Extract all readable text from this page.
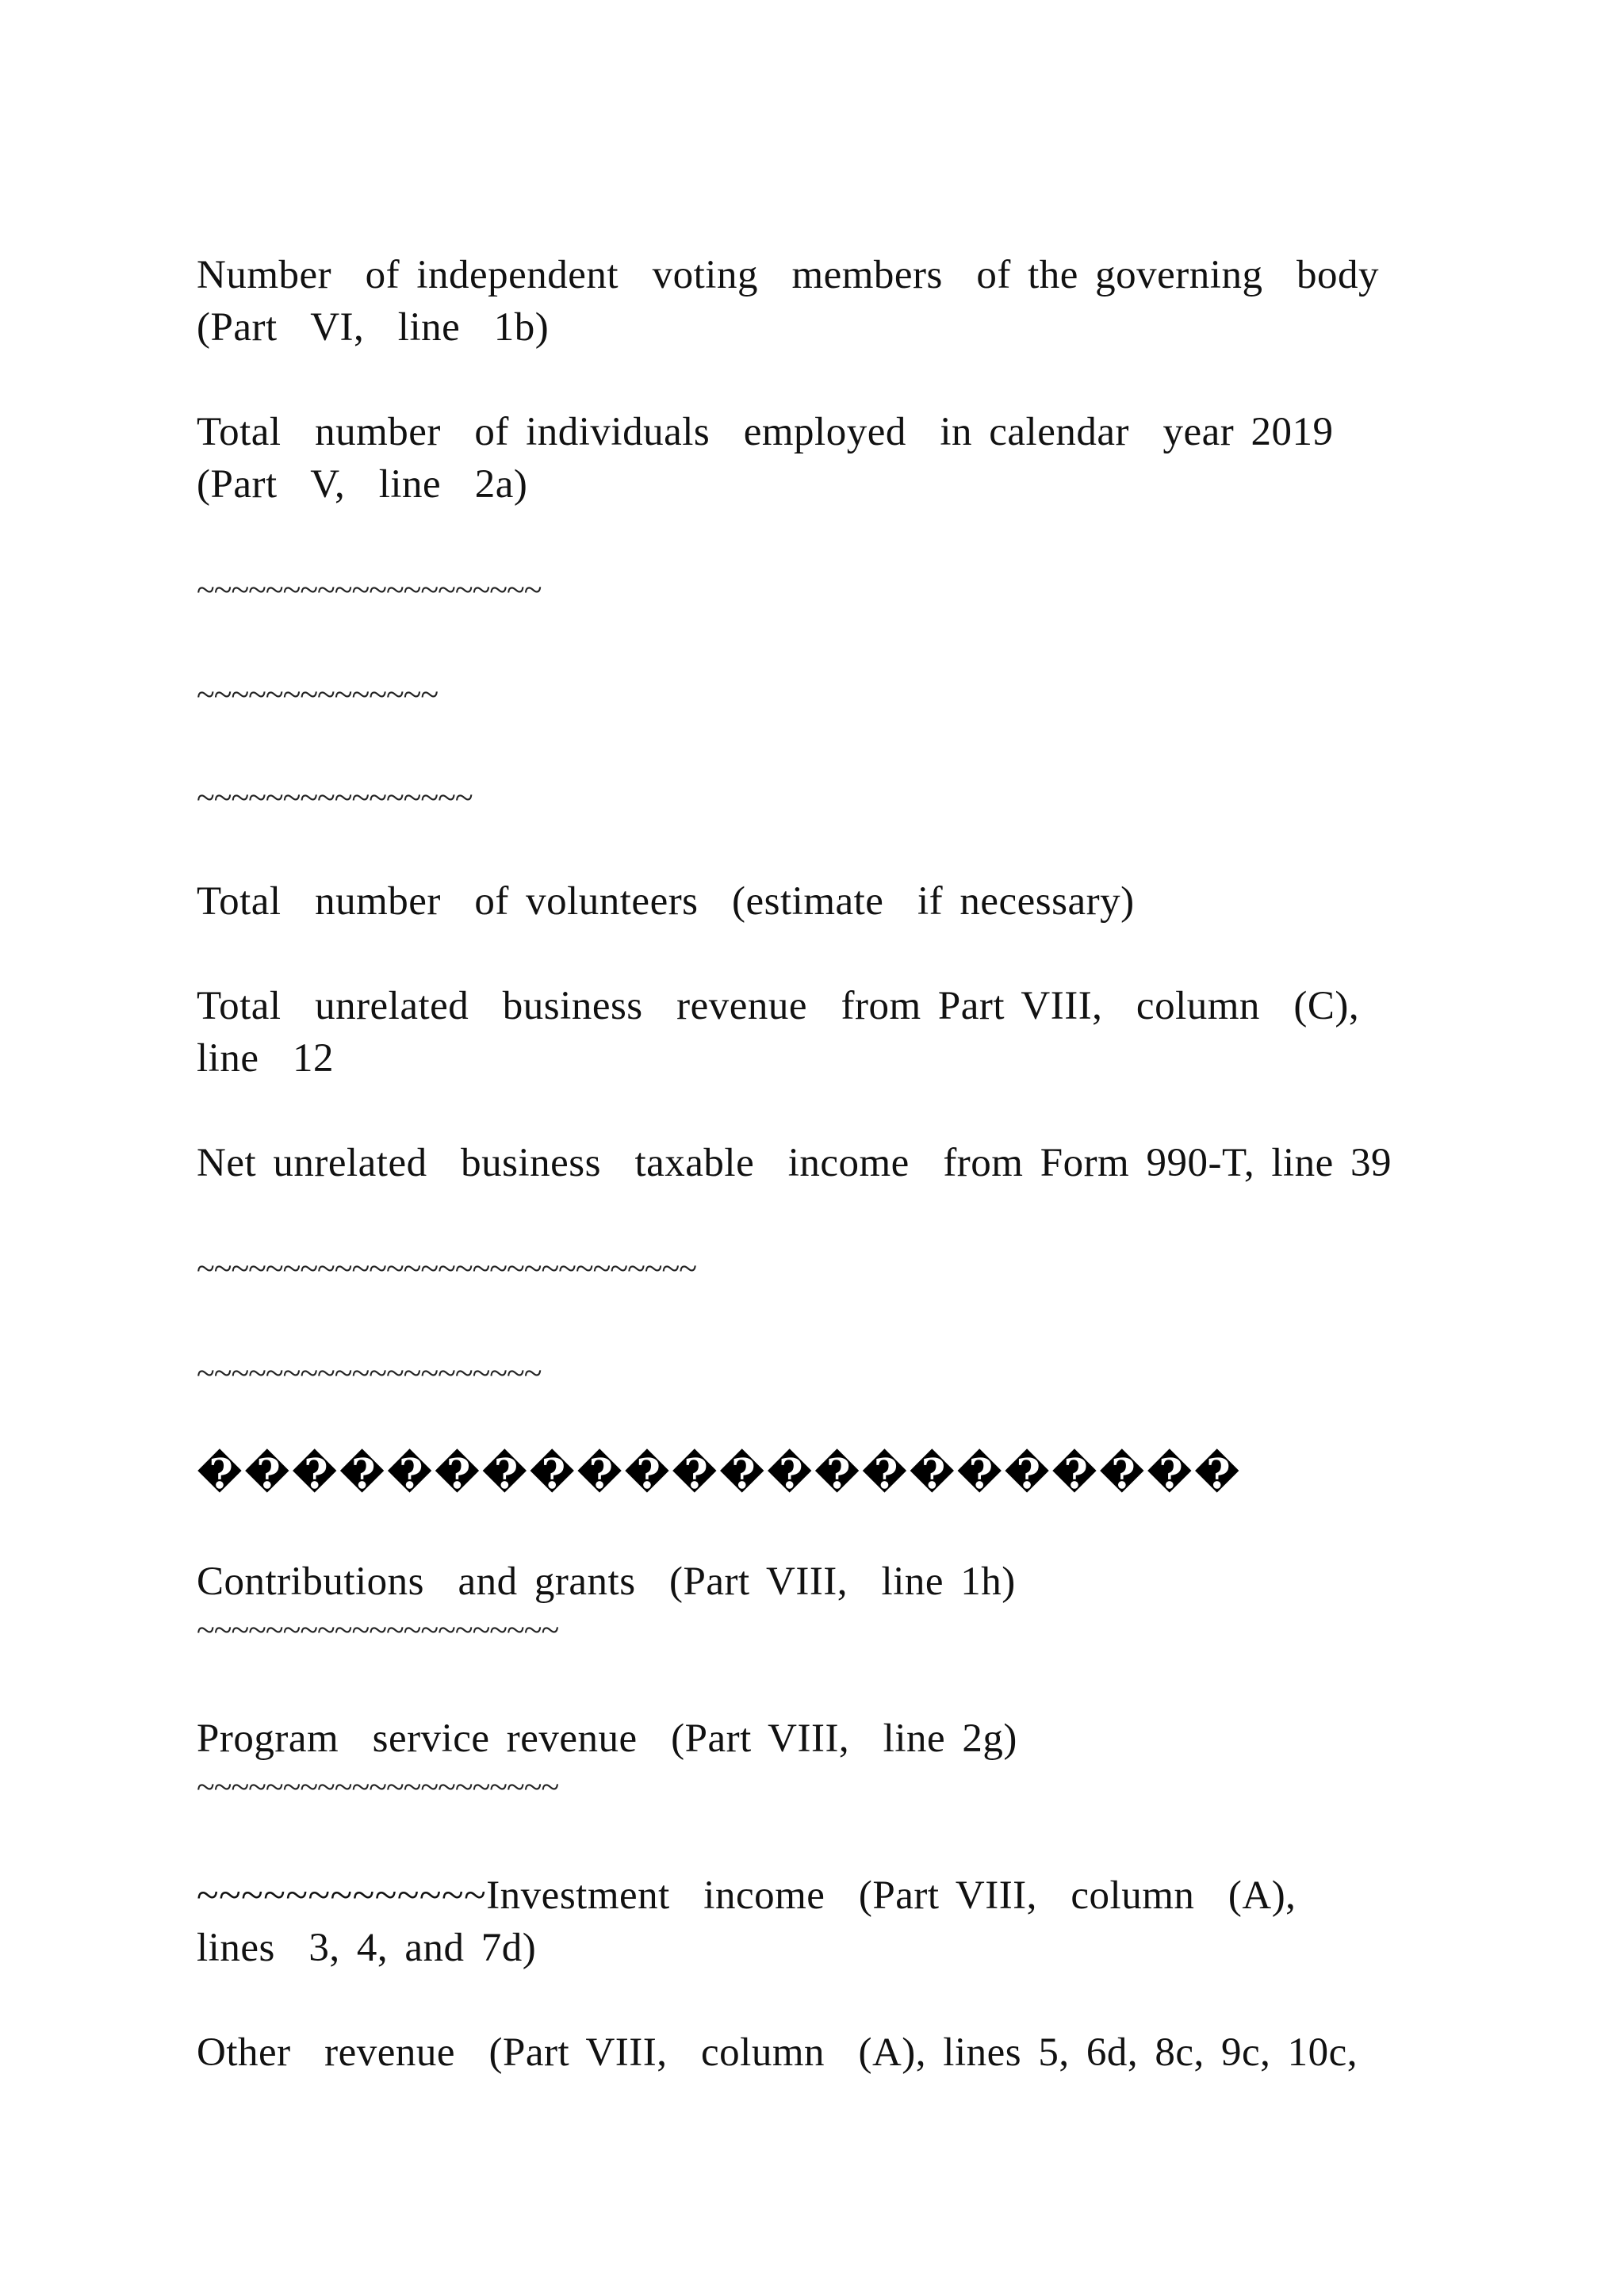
Number  of independent  voting  members  of the governing  body
(Part  VI,  line  1b)
Total  number  of individuals  employed  in calendar  year 2019
(Part  V,  line  2a)
~~~~~~~~~~~~~~~~~~~~
~~~~~~~~~~~~~~
~~~~~~~~~~~~~~~~
Total  number  of volunteers  (estimate  if necessary)
Total  unrelated  business  revenue  from Part VIII,  column  (C),
line  12
Net unrelated  business  taxable  income  from Form 990-T, line 39
~~~~~~~~~~~~~~~~~~~~~~~~~~~~~
~~~~~~~~~~~~~~~~~~~~
����������������������
Contributions  and grants  (Part VIII,  line 1h)
~~~~~~~~~~~~~~~~~~~~~
Program  service revenue  (Part VIII,  line 2g)
~~~~~~~~~~~~~~~~~~~~~
~~~~~~~~~~~~~Investment  income  (Part VIII,  column  (A),
lines  3, 4, and 7d)
Other  revenue  (Part VIII,  column  (A), lines 5, 6d, 8c, 9c, 10c,
